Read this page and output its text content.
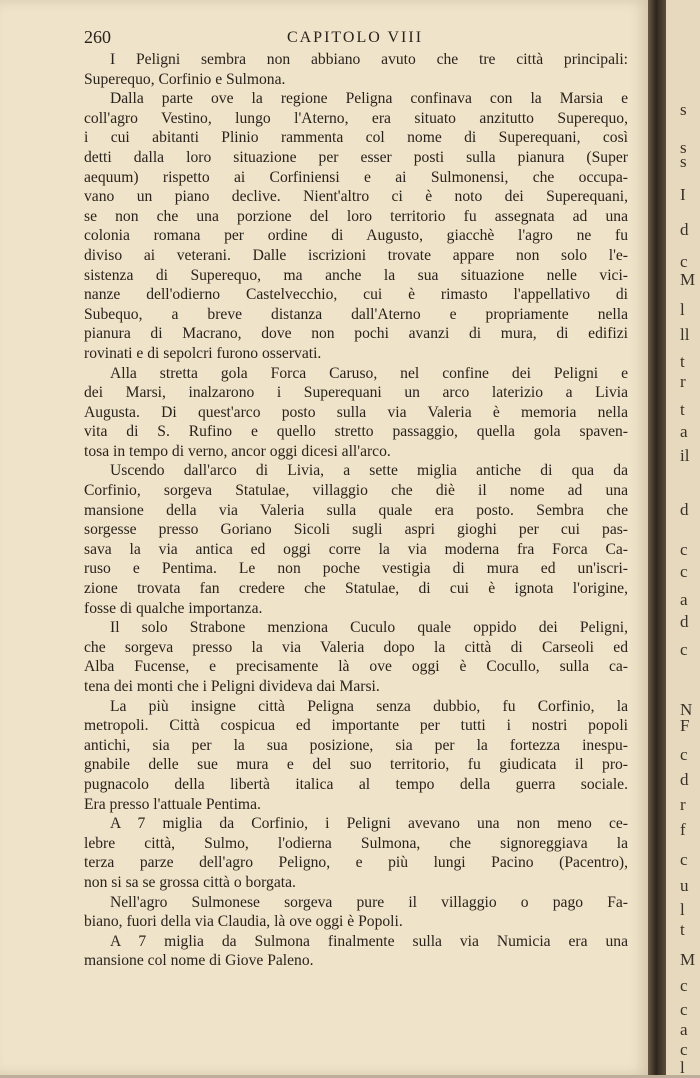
260	CAPITOLO VIII
I Peligni sembra non abbiano avuto che tre città principali:
Superequo, Corfinio e Sulmona.
Dalla parte ove la regione Peligna confinava con la Marsia e
coll'agro Vestino, lungo l'Aterno, era situato anzitutto Superequo,
i cui abitanti Plinio rammenta col nome di Superequani, così
detti dalla loro situazione per esser posti sulla pianura (Super
aequum) rispetto ai Corfiniensi e ai Sulmonensi, che occupa-
vano un piano declive. Nient'altro ci è noto dei Superequani,
se non che una porzione del loro territorio fu assegnata ad una
colonia romana per ordine di Augusto, giacchè l'agro ne fu
diviso ai veterani. Dalle iscrizioni trovate appare non solo l'e-
sistenza di Superequo, ma anche la sua situazione nelle vici-
nanze dell'odierno Castelvecchio, cui è rimasto l'appellativo di
Subequo, a breve distanza dall'Aterno e propriamente nella
pianura di Macrano, dove non pochi avanzi di mura, di edifizi
rovinati e di sepolcri furono osservati.
Alla stretta gola Forca Caruso, nel confine dei Peligni e
dei Marsi, inalzarono i Superequani un arco laterizio a Livia
Augusta. Di quest'arco posto sulla via Valeria è memoria nella
vita di S. Rufino e quello stretto passaggio, quella gola spaven-
tosa in tempo di verno, ancor oggi dicesi all'arco.
Uscendo dall'arco di Livia, a sette miglia antiche di qua da
Corfinio, sorgeva Statulae, villaggio che diè il nome ad una
mansione della via Valeria sulla quale era posto. Sembra che
sorgesse presso Goriano Sicoli sugli aspri gioghi per cui pas-
sava la via antica ed oggi corre la via moderna fra Forca Ca-
ruso e Pentima. Le non poche vestigia di mura ed un'iscri-
zione trovata fan credere che Statulae, di cui è ignota l'origine,
fosse di qualche importanza.
Il solo Strabone menziona Cuculo quale oppido dei Peligni,
che sorgeva presso la via Valeria dopo la città di Carseoli ed
Alba Fucense, e precisamente là ove oggi è Cocullo, sulla ca-
tena dei monti che i Peligni divideva dai Marsi.
La più insigne città Peligna senza dubbio, fu Corfinio, la
metropoli. Città cospicua ed importante per tutti i nostri popoli
antichi, sia per la sua posizione, sia per la fortezza inespu-
gnabile delle sue mura e del suo territorio, fu giudicata il pro-
pugnacolo della libertà italica al tempo della guerra sociale.
Era presso l'attuale Pentima.
A 7 miglia da Corfinio, i Peligni avevano una non meno ce-
lebre città, Sulmo, l'odierna Sulmona, che signoreggiava la
terza parze dell'agro Peligno, e più lungi Pacino (Pacentro),
non si sa se grossa città o borgata.
Nell'agro Sulmonese sorgeva pure il villaggio o pago Fa-
biano, fuori della via Claudia, là ove oggi è Popoli.
A 7 miglia da Sulmona finalmente sulla via Numicia era una
mansione col nome di Giove Paleno.
s
s
s
I
d
c
M
l
ll
t
r
t
a
il
d
c
c
a
d
c
N
F
c
d
r
f
c
u
l
t
M
c
c
a
c
l
